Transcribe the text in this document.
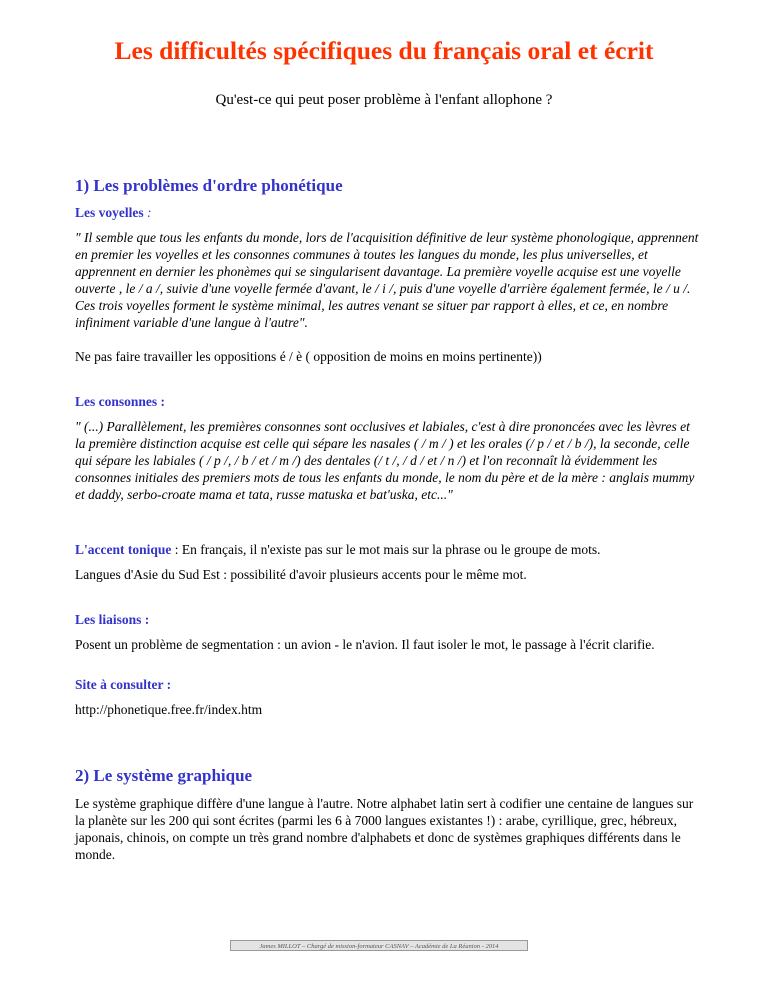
Les difficultés spécifiques du français oral et écrit
Qu'est-ce qui peut poser problème à l'enfant allophone ?
1) Les problèmes d'ordre phonétique
Les voyelles :
" Il semble que tous les enfants du monde, lors de l'acquisition définitive de leur système phonologique, apprennent en premier les voyelles et les consonnes communes à toutes les langues du monde, les plus universelles, et apprennent en dernier les phonèmes qui se singularisent davantage. La première voyelle acquise est une voyelle ouverte , le / a /, suivie d'une voyelle fermée d'avant, le / i /, puis d'une voyelle d'arrière également fermée, le / u /. Ces trois voyelles forment le système minimal, les autres venant se situer par rapport à elles, et ce, en nombre infiniment variable d'une langue à l'autre".
Ne pas faire travailler les oppositions é / è ( opposition de moins en moins pertinente))
Les consonnes :
" (...) Parallèlement, les premières consonnes sont occlusives et labiales, c'est à dire prononcées avec les lèvres et la première distinction acquise est celle qui sépare les nasales ( / m / ) et les orales (/ p / et / b /), la seconde, celle qui sépare les labiales ( / p /, / b / et / m /) des dentales (/ t /, / d / et / n /) et l'on reconnaît là évidemment les consonnes initiales des premiers mots de tous les enfants du monde, le nom du père et de la mère : anglais mummy et daddy, serbo-croate mama et tata, russe matuska et bat'uska, etc..."
L'accent tonique : En français, il n'existe pas sur le mot mais sur la phrase ou le groupe de mots.
Langues d'Asie du Sud Est : possibilité d'avoir plusieurs accents pour le même mot.
Les liaisons :
Posent un problème de segmentation : un avion - le n'avion. Il faut isoler le mot, le passage à l'écrit clarifie.
Site à consulter :
http://phonetique.free.fr/index.htm
2) Le système graphique
Le système graphique diffère d'une langue à l'autre. Notre alphabet latin sert à codifier une centaine de langues sur la planète sur les 200 qui sont écrites (parmi les 6 à 7000 langues existantes !) : arabe, cyrillique, grec, hébreux, japonais, chinois, on compte un très grand nombre d'alphabets et donc de systèmes graphiques différents dans le monde.
James MILLOT – Chargé de mission-formateur CASNAV – Académie de La Réunion - 2014
